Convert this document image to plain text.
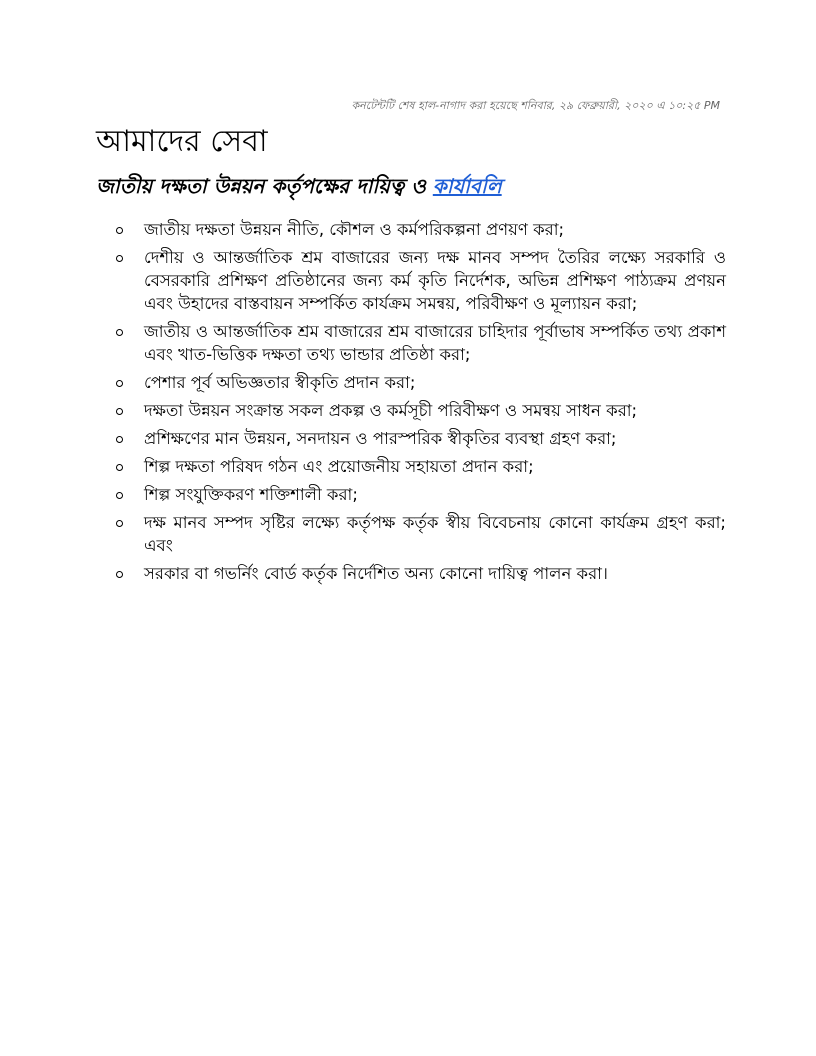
কনটেন্টটি শেষ হাল-নাগাদ করা হয়েছে শনিবার, ২৯ ফেব্রুয়ারী, ২০২০ এ ১০:২৫ PM
আমাদের সেবা
জাতীয় দক্ষতা উন্নয়ন কর্তৃপক্ষের দায়িত্ব ও কার্যাবলি
জাতীয় দক্ষতা উন্নয়ন নীতি, কৌশল ও কর্মপরিকল্পনা প্রণয়ণ করা;
দেশীয় ও আন্তর্জাতিক শ্রম বাজারের জন্য দক্ষ মানব সম্পদ তৈরির লক্ষ্যে সরকারি ও বেসরকারি প্রশিক্ষণ প্রতিষ্ঠানের জন্য কর্ম কৃতি নির্দেশক, অভিন্ন প্রশিক্ষণ পাঠ্যক্রম প্রণয়ন এবং উহাদের বাস্তবায়ন সম্পর্কিত কার্যক্রম সমন্বয়, পরিবীক্ষণ ও মূল্যায়ন করা;
জাতীয় ও আন্তর্জাতিক শ্রম বাজারের শ্রম বাজারের চাহিদার পূর্বাভাষ সম্পর্কিত তথ্য প্রকাশ এবং খাত-ভিত্তিক দক্ষতা তথ্য ভান্ডার প্রতিষ্ঠা করা;
পেশার পূর্ব অভিজ্ঞতার স্বীকৃতি প্রদান করা;
দক্ষতা উন্নয়ন সংক্রান্ত সকল প্রকল্প ও কর্মসূচী পরিবীক্ষণ ও সমন্বয় সাধন করা;
প্রশিক্ষণের মান উন্নয়ন, সনদায়ন ও পারস্পরিক স্বীকৃতির ব্যবস্থা গ্রহণ করা;
শিল্প দক্ষতা পরিষদ গঠন এং প্রয়োজনীয় সহায়তা প্রদান করা;
শিল্প সংযুক্তিকরণ শক্তিশালী করা;
দক্ষ মানব সম্পদ সৃষ্টির লক্ষ্যে কর্তৃপক্ষ কর্তৃক স্বীয় বিবেচনায় কোনো কার্যক্রম গ্রহণ করা; এবং
সরকার বা গভর্নিং বোর্ড কর্তৃক নির্দেশিত অন্য কোনো দায়িত্ব পালন করা।
